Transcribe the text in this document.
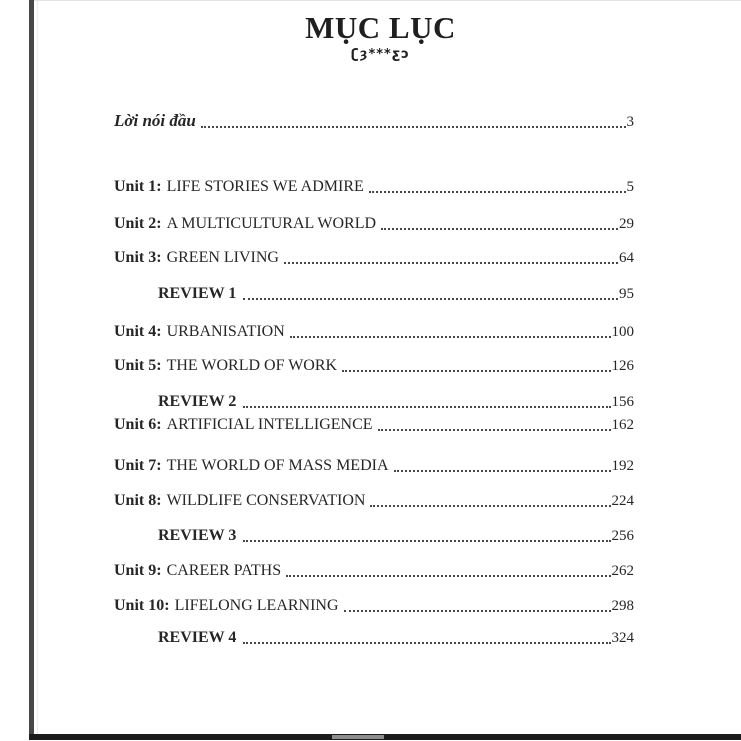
MỤC LỤC
ʗȝ***ƹɔ
Lời nói đầu	3
Unit 1: LIFE STORIES WE ADMIRE	5
Unit 2: A MULTICULTURAL WORLD	29
Unit 3: GREEN LIVING	64
REVIEW 1	95
Unit 4: URBANISATION	100
Unit 5: THE WORLD OF WORK	126
REVIEW 2	156
Unit 6: ARTIFICIAL INTELLIGENCE	162
Unit 7: THE WORLD OF MASS MEDIA	192
Unit 8: WILDLIFE CONSERVATION	224
REVIEW 3	256
Unit 9: CAREER PATHS	262
Unit 10: LIFELONG LEARNING	298
REVIEW 4	324
